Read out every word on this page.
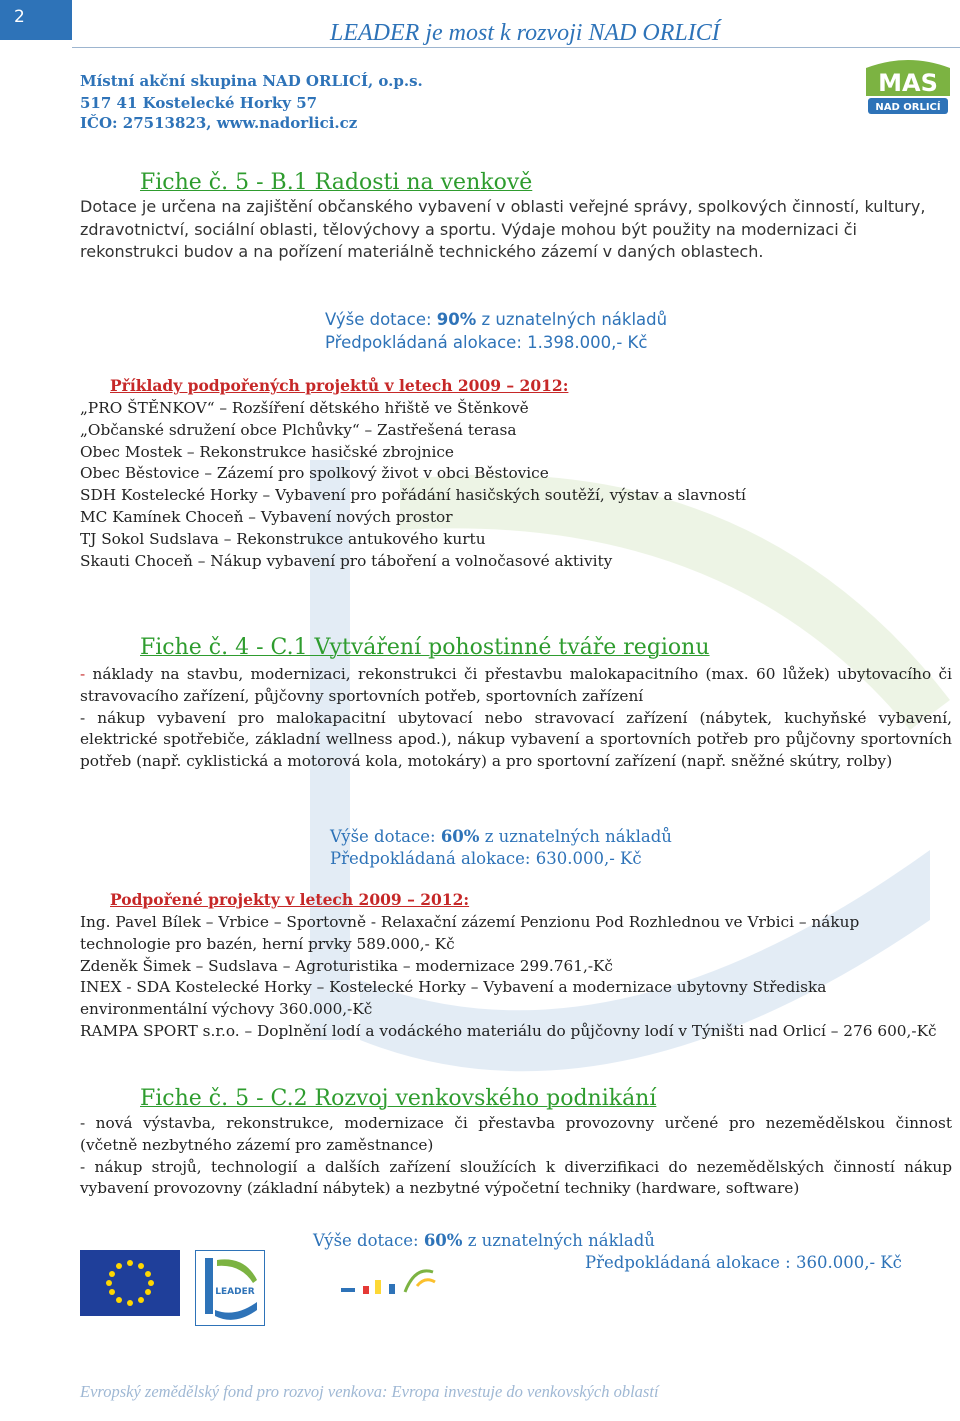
2
LEADER je most k rozvoji NAD ORLICÍ
Místní akční skupina NAD ORLICÍ, o.p.s.
517 41 Kostelecké Horky 57
IČO: 27513823, www.nadorlici.cz
MAS
NAD ORLICÍ
Fiche č. 5 - B.1 Radosti na venkově
Dotace je určena na zajištění občanského vybavení v oblasti veřejné správy, spolkových činností, kultury, zdravotnictví, sociální oblasti, tělovýchovy a sportu. Výdaje mohou být použity na modernizaci či rekonstrukci budov a na pořízení materiálně technického zázemí v daných oblastech.
Výše dotace: 90% z uznatelných nákladů
Předpokládaná alokace: 1.398.000,- Kč
Příklady podpořených projektů v letech 2009 – 2012:
„PRO ŠTĚNKOV“ – Rozšíření dětského hřiště ve Štěnkově
„Občanské sdružení obce Plchůvky“ – Zastřešená terasa
Obec Mostek – Rekonstrukce hasičské zbrojnice
Obec Běstovice – Zázemí pro spolkový život v obci Běstovice
SDH Kostelecké Horky – Vybavení pro pořádání hasičských soutěží, výstav a slavností
MC Kamínek Choceň – Vybavení nových prostor
TJ Sokol Sudslava – Rekonstrukce antukového kurtu
Skauti Choceň – Nákup vybavení pro táboření a volnočasové aktivity
Fiche č. 4 - C.1 Vytváření pohostinné tváře regionu

- náklady na stavbu, modernizaci, rekonstrukci či přestavbu malokapacitního (max. 60 lůžek) ubytovacího či stravovacího zařízení, půjčovny sportovních potřeb, sportovních zařízení

- nákup vybavení pro malokapacitní ubytovací nebo stravovací zařízení (nábytek, kuchyňské vybavení, elektrické spotřebiče, základní wellness apod.), nákup vybavení a sportovních potřeb pro půjčovny sportovních potřeb (např. cyklistická a motorová kola, motokáry) a pro sportovní zařízení (např. sněžné skútry, rolby)

Výše dotace: 60% z uznatelných nákladů
Předpokládaná alokace: 630.000,- Kč
Podpořené projekty v letech 2009 – 2012:
Ing. Pavel Bílek – Vrbice – Sportovně - Relaxační zázemí Penzionu Pod Rozhlednou ve Vrbici – nákup technologie pro bazén, herní prvky 589.000,- Kč
Zdeněk Šimek – Sudslava – Agroturistika – modernizace 299.761,-Kč
INEX - SDA Kostelecké Horky – Kostelecké Horky – Vybavení a modernizace ubytovny Střediska environmentální výchovy 360.000,-Kč
RAMPA SPORT s.r.o. – Doplnění lodí a vodáckého materiálu do půjčovny lodí v Týništi nad Orlicí – 276 600,-Kč
Fiche č. 5 - C.2 Rozvoj venkovského podnikání

- nová výstavba, rekonstrukce, modernizace či přestavba provozovny určené pro nezemědělskou činnost (včetně nezbytného zázemí pro zaměstnance)

- nákup strojů, technologií a dalších zařízení sloužících k diverzifikaci do nezemědělských činností nákup vybavení provozovny (základní nábytek) a nezbytné výpočetní techniky (hardware, software)

Výše dotace: 60% z uznatelných nákladů
Předpokládaná alokace : 360.000,- Kč
LEADER
Evropský zemědělský fond pro rozvoj venkova: Evropa investuje do venkovských oblastí
